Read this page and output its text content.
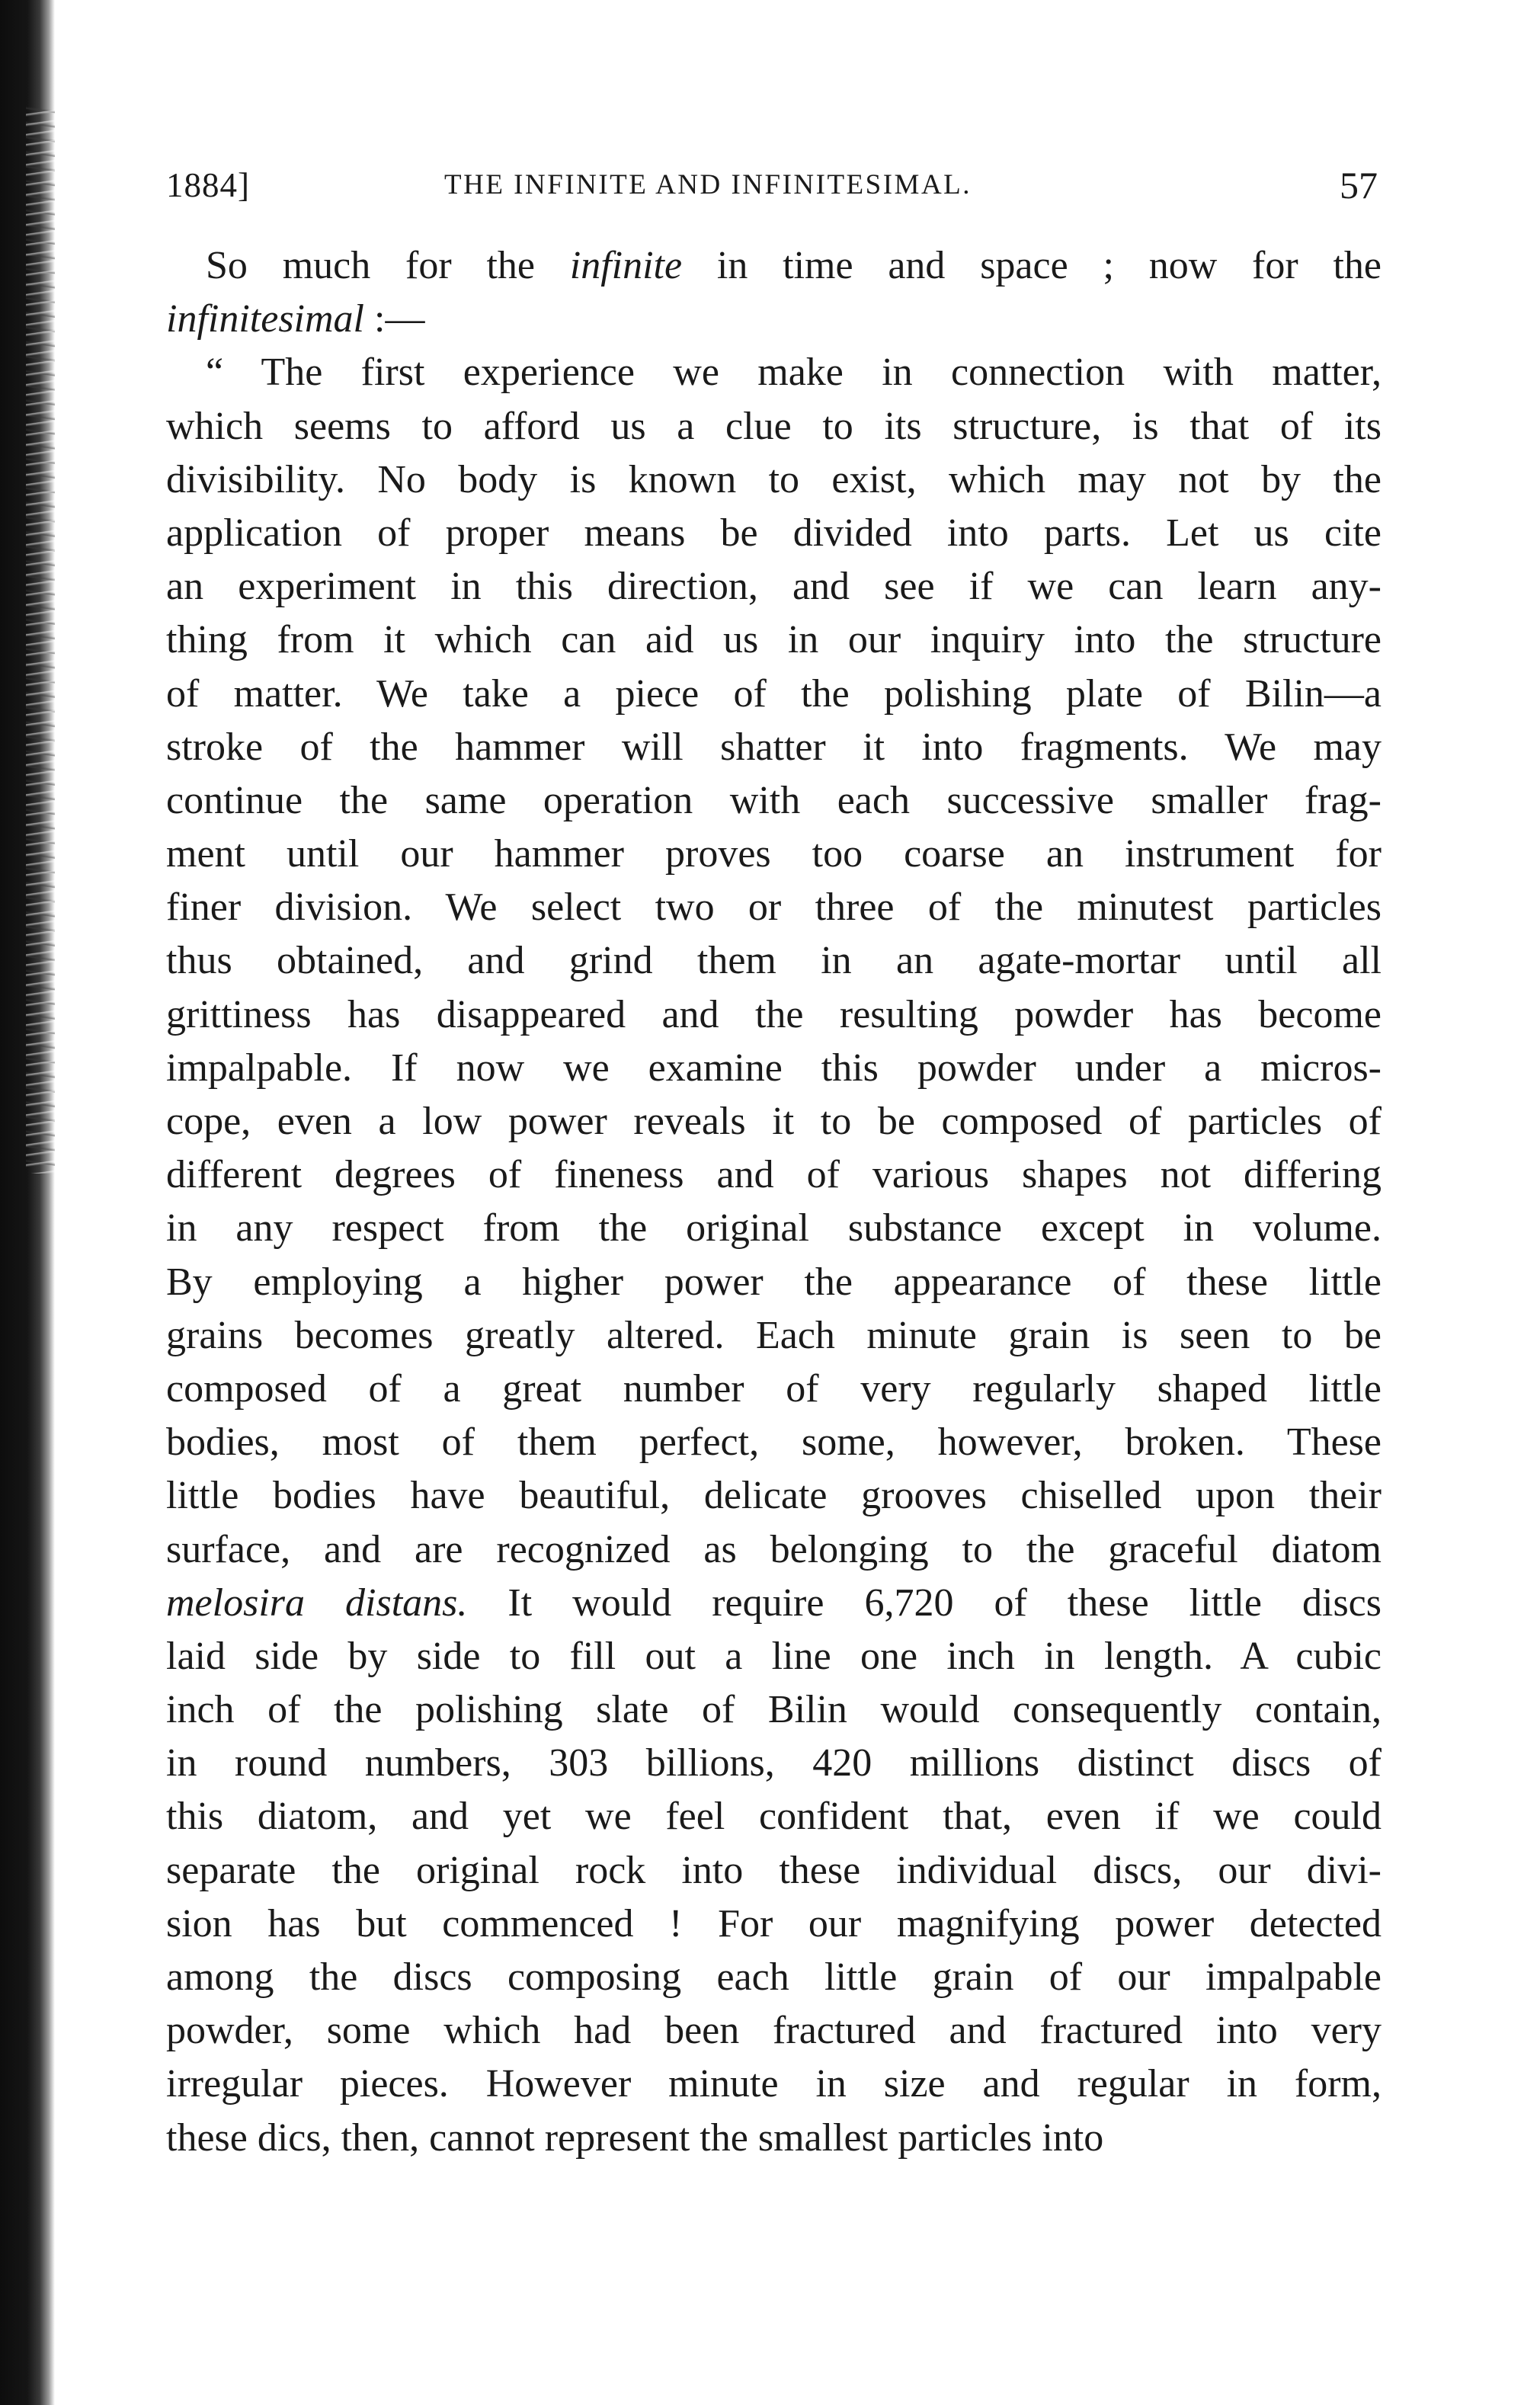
1884]	THE INFINITE AND INFINITESIMAL.	57
So much for the infinite in time and space ; now for the
infinitesimal :—
“ The first experience we make in connection with matter,
which seems to afford us a clue to its structure, is that of its
divisibility. No body is known to exist, which may not by the
application of proper means be divided into parts. Let us cite
an experiment in this direction, and see if we can learn any-
thing from it which can aid us in our inquiry into the structure
of matter. We take a piece of the polishing plate of Bilin—a
stroke of the hammer will shatter it into fragments. We may
continue the same operation with each successive smaller frag-
ment until our hammer proves too coarse an instrument for
finer division. We select two or three of the minutest particles
thus obtained, and grind them in an agate-mortar until all
grittiness has disappeared and the resulting powder has become
impalpable. If now we examine this powder under a micros-
cope, even a low power reveals it to be composed of particles of
different degrees of fineness and of various shapes not differing
in any respect from the original substance except in volume.
By employing a higher power the appearance of these little
grains becomes greatly altered. Each minute grain is seen to be
composed of a great number of very regularly shaped little
bodies, most of them perfect, some, however, broken. These
little bodies have beautiful, delicate grooves chiselled upon their
surface, and are recognized as belonging to the graceful diatom
melosira distans. It would require 6,720 of these little discs
laid side by side to fill out a line one inch in length. A cubic
inch of the polishing slate of Bilin would consequently contain,
in round numbers, 303 billions, 420 millions distinct discs of
this diatom, and yet we feel confident that, even if we could
separate the original rock into these individual discs, our divi-
sion has but commenced ! For our magnifying power detected
among the discs composing each little grain of our impalpable
powder, some which had been fractured and fractured into very
irregular pieces. However minute in size and regular in form,
these dics, then, cannot represent the smallest particles into
